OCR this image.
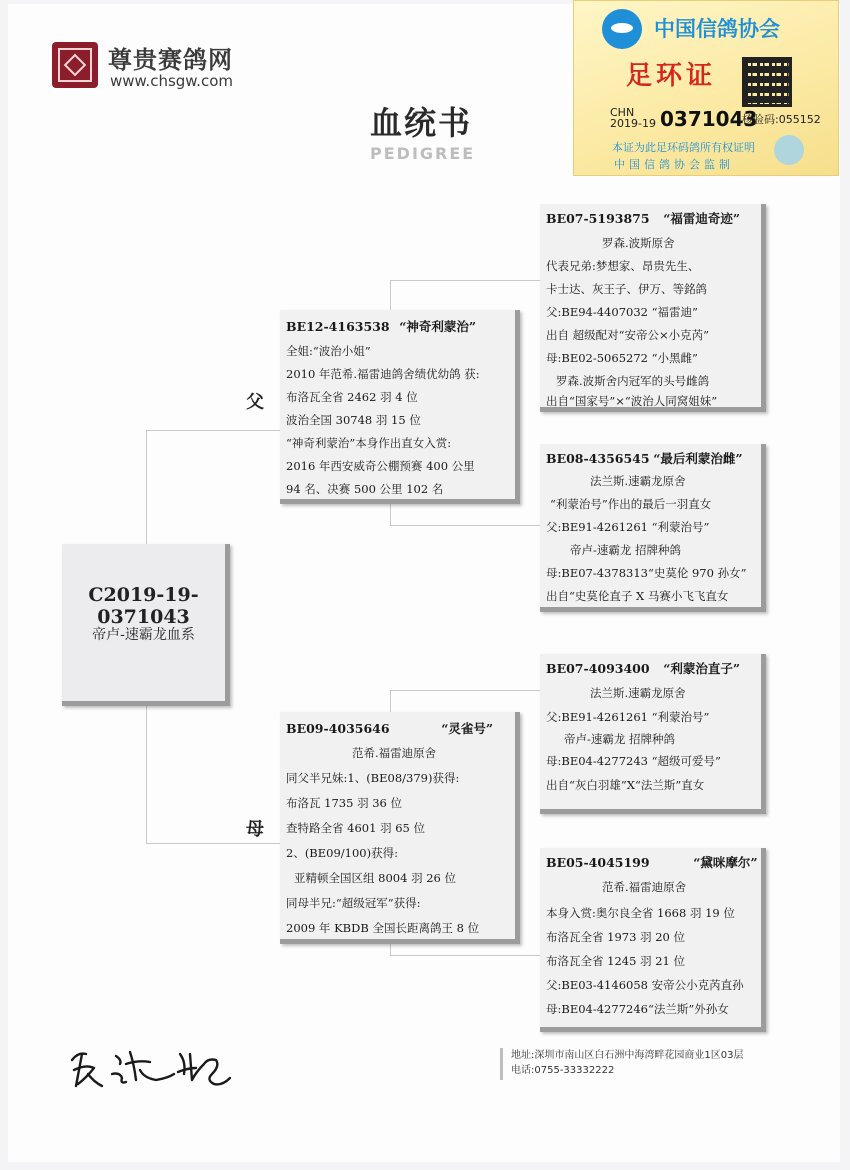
尊贵赛鸽网
www.chsgw.com
血统书
PEDIGREE
中国信鸽协会
足环证
CHN
2019-19 0371043
核验码:055152
本证为此足环码鸽所有权证明
中国信鸽协会监制
父
母
C2019-19-0371043
帝卢-速霸龙血系
BE12-4163538 “神奇利蒙治”
全姐:“波治小姐”
2010 年范希.福雷迪鸽舍绩优幼鸽 获:
布洛瓦全省 2462 羽 4 位
波治全国 30748 羽 15 位
“神奇利蒙治”本身作出直女入赏:
2016 年西安威奇公棚预赛 400 公里
94 名、决赛 500 公里 102 名
BE09-4035646	“灵雀号”
范希.福雷迪原舍
同父半兄妹:1、(BE08/379)获得:
布洛瓦 1735 羽 36 位
查特路全省 4601 羽 65 位
2、(BE09/100)获得:
亚精顿全国区组 8004 羽 26 位
同母半兄:“超级冠军”获得:
2009 年 KBDB 全国长距离鸽王 8 位
BE07-5193875 “福雷迪奇迹”
罗森.波斯原舍
代表兄弟:梦想家、昂贵先生、
卡士达、灰王子、伊万、等銘鸽
父:BE94-4407032 “福雷迪”
出自 超级配对“安帝公×小克芮”
母:BE02-5065272 “小黑雌”
罗森.波斯舍内冠军的头号雌鸽
出自“国家号”×“波治人同窝姐妹”
BE08-4356545 “最后利蒙治雌”
法兰斯.速霸龙原舍
“利蒙治号”作出的最后一羽直女
父:BE91-4261261 “利蒙治号”
帝卢-速霸龙 招牌种鸽
母:BE07-4378313“史莫伦 970 孙女”
出自“史莫伦直子 X 马赛小飞飞直女
BE07-4093400 “利蒙治直子”
法兰斯.速霸龙原舍
父:BE91-4261261 “利蒙治号”
帝卢-速霸龙 招牌种鸽
母:BE04-4277243 “超级可爱号”
出自“灰白羽雄”X“法兰斯”直女
BE05-4045199	“黛咪摩尔”
范希.福雷迪原舍
本身入赏:奥尔良全省 1668 羽 19 位
布洛瓦全省 1973 羽 20 位
布洛瓦全省 1245 羽 21 位
父:BE03-4146058 安帝公小克芮直孙
母:BE04-4277246“法兰斯”外孙女
地址:深圳市南山区白石洲中海湾畔花园商业1区03层
电话:0755-33332222
